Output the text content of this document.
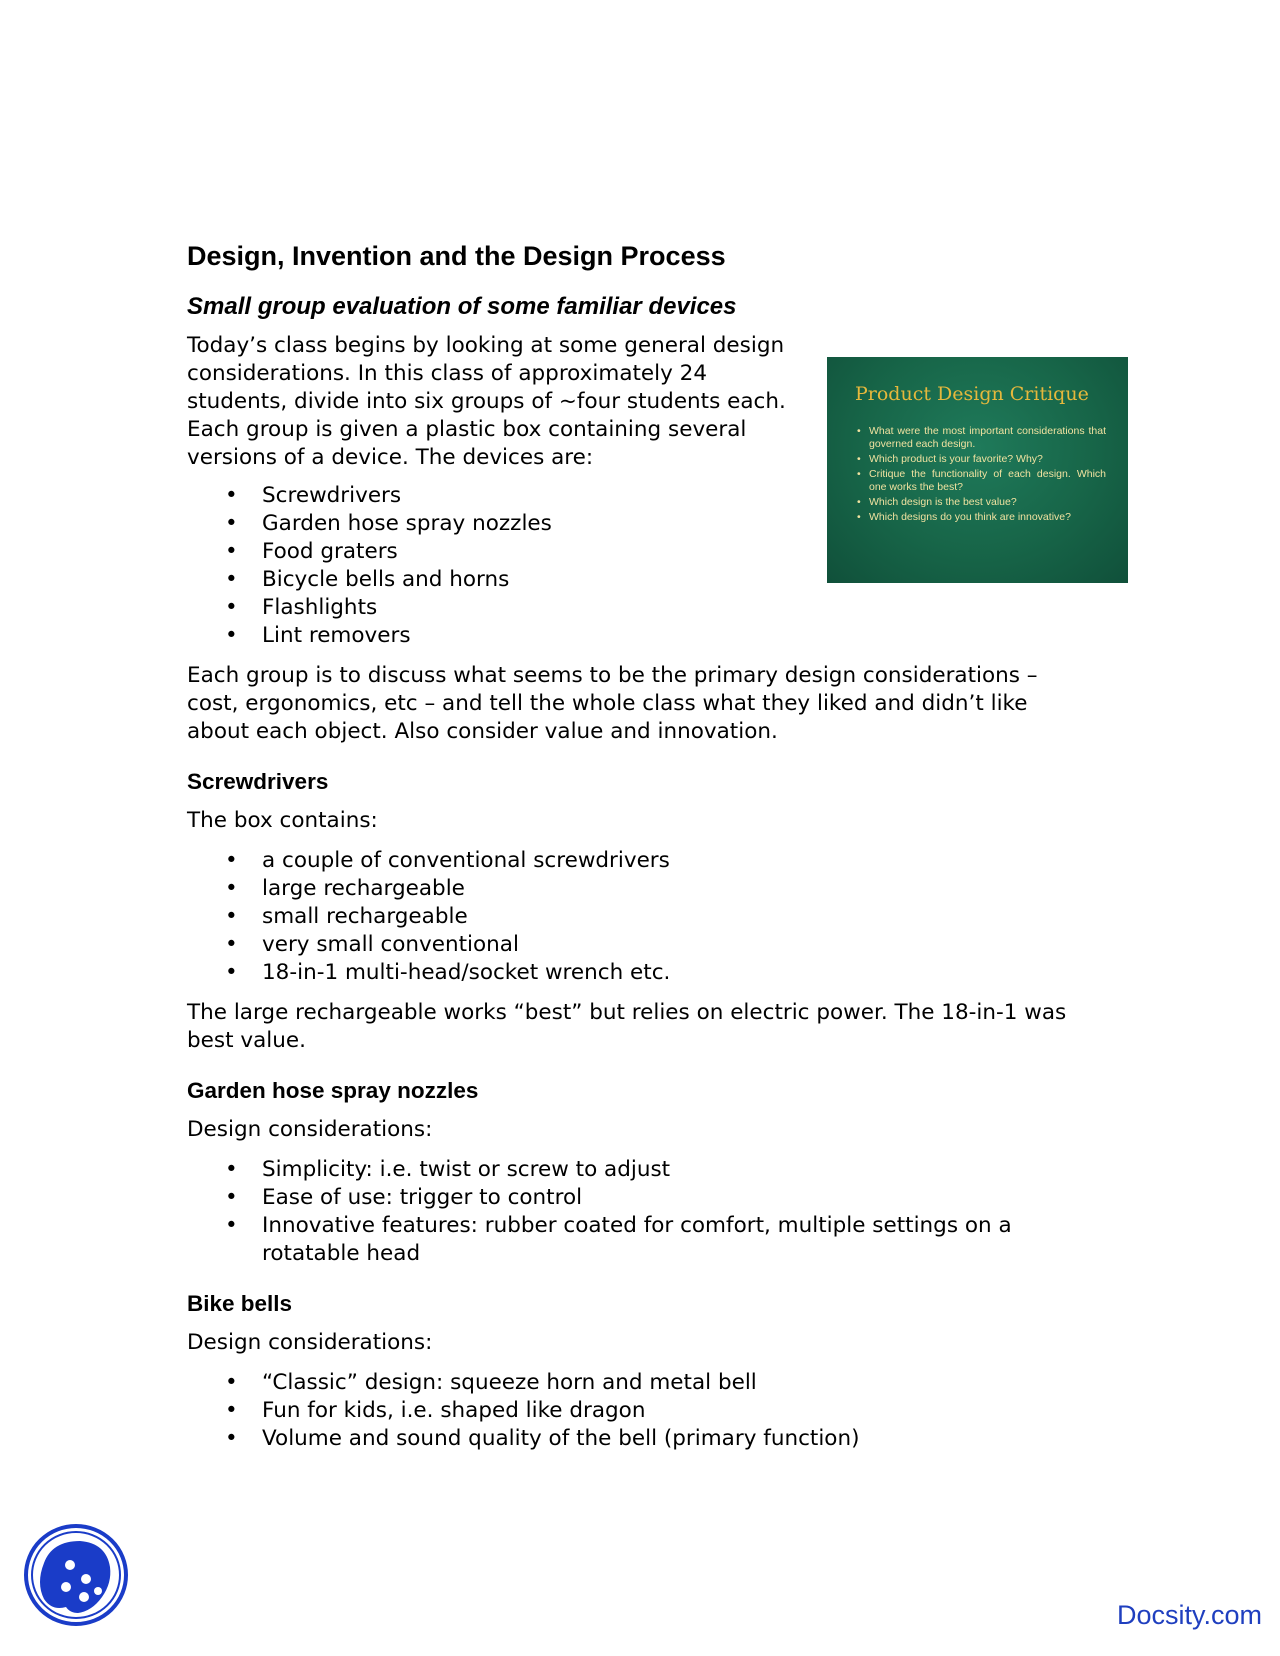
Design, Invention and the Design Process
Small group evaluation of some familiar devices

Today’s class begins by looking at some general design considerations. In this class of approximately 24 students, divide into six groups of ~four students each. Each group is given a plastic box containing several versions of a device. The devices are:

• Screwdrivers
• Garden hose spray nozzles
• Food graters
• Bicycle bells and horns
• Flashlights
• Lint removers

Each group is to discuss what seems to be the primary design considerations – cost, ergonomics, etc – and tell the whole class what they liked and didn’t like about each object. Also consider value and innovation.

Screwdrivers

The box contains:

• a couple of conventional screwdrivers
• large rechargeable
• small rechargeable
• very small conventional
• 18-in-1 multi-head/socket wrench etc.

The large rechargeable works “best” but relies on electric power. The 18-in-1 was best value.

Garden hose spray nozzles

Design considerations:

• Simplicity: i.e. twist or screw to adjust
• Ease of use: trigger to control
• Innovative features: rubber coated for comfort, multiple settings on a rotatable head
Bike bells

Design considerations:

• “Classic” design: squeeze horn and metal bell
• Fun for kids, i.e. shaped like dragon
• Volume and sound quality of the bell (primary function)
Product Design Critique
• What were the most important considerations that governed each design.
• Which product is your favorite? Why?
• Critique the functionality of each design. Which one works the best?
• Which design is the best value?
• Which designs do you think are innovative?
Docsity.com
